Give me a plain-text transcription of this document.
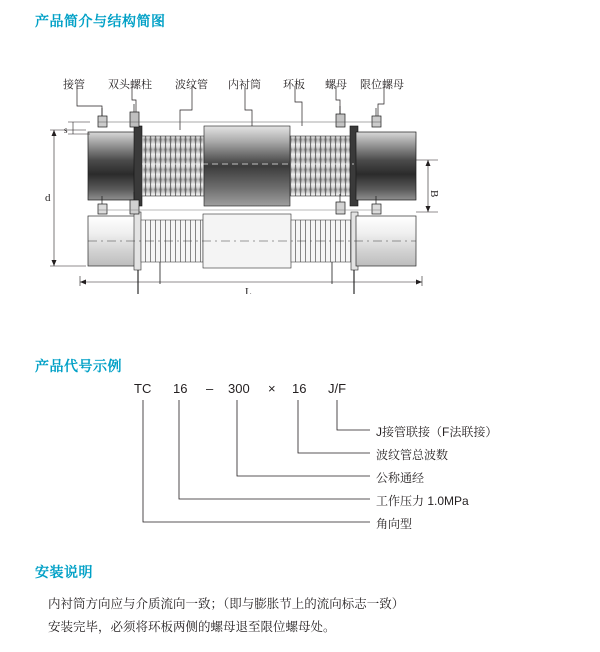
产品简介与结构简图
产品代号示例
安装说明
接管 双头螺柱 波纹管 内衬筒 环板 螺母 限位螺母
s
d	B
L
TC 16 – 300 × 16 J/F
J接管联接（F法联接）
波纹管总波数
公称通经
工作压力 1.0MPa
角向型

内衬筒方向应与介质流向一致；（即与膨胀节上的流向标志一致）

安装完毕，必须将环板两侧的螺母退至限位螺母处。
